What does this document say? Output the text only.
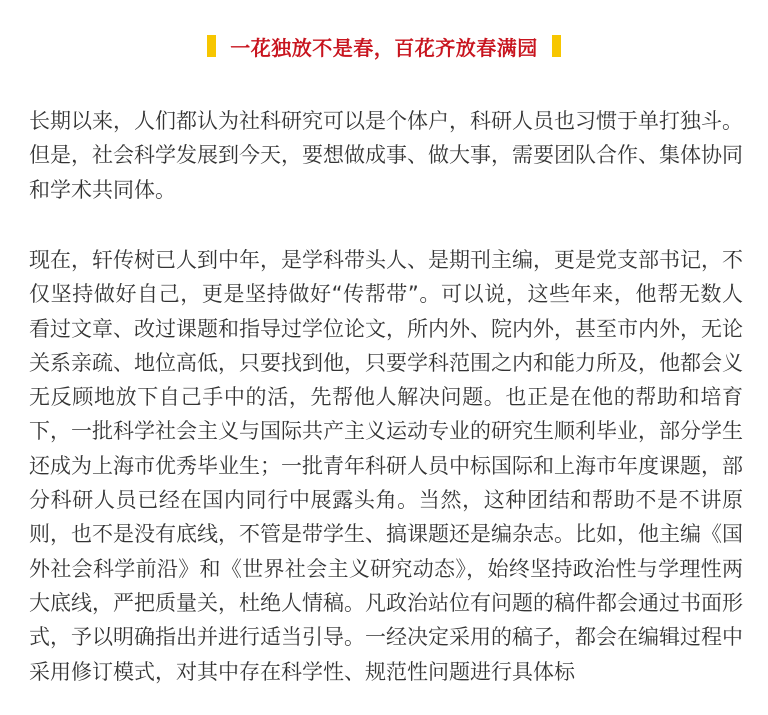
一花独放不是春，百花齐放春满园

长期以来，人们都认为社科研究可以是个体户，科研人员也习惯于单打独斗。但是，社会科学发展到今天，要想做成事、做大事，需要团队合作、集体协同和学术共同体。

现在，轩传树已人到中年，是学科带头人、是期刊主编，更是党支部书记，不仅坚持做好自己，更是坚持做好“传帮带”。可以说，这些年来，他帮无数人看过文章、改过课题和指导过学位论文，所内外、院内外，甚至市内外，无论关系亲疏、地位高低，只要找到他，只要学科范围之内和能力所及，他都会义无反顾地放下自己手中的活，先帮他人解决问题。也正是在他的帮助和培育下，一批科学社会主义与国际共产主义运动专业的研究生顺利毕业，部分学生还成为上海市优秀毕业生；一批青年科研人员中标国际和上海市年度课题，部分科研人员已经在国内同行中展露头角。当然，这种团结和帮助不是不讲原则，也不是没有底线，不管是带学生、搞课题还是编杂志。比如，他主编《国外社会科学前沿》和《世界社会主义研究动态》，始终坚持政治性与学理性两大底线，严把质量关，杜绝人情稿。凡政治站位有问题的稿件都会通过书面形式，予以明确指出并进行适当引导。一经决定采用的稿子，都会在编辑过程中采用修订模式，对其中存在科学性、规范性问题进行具体标
